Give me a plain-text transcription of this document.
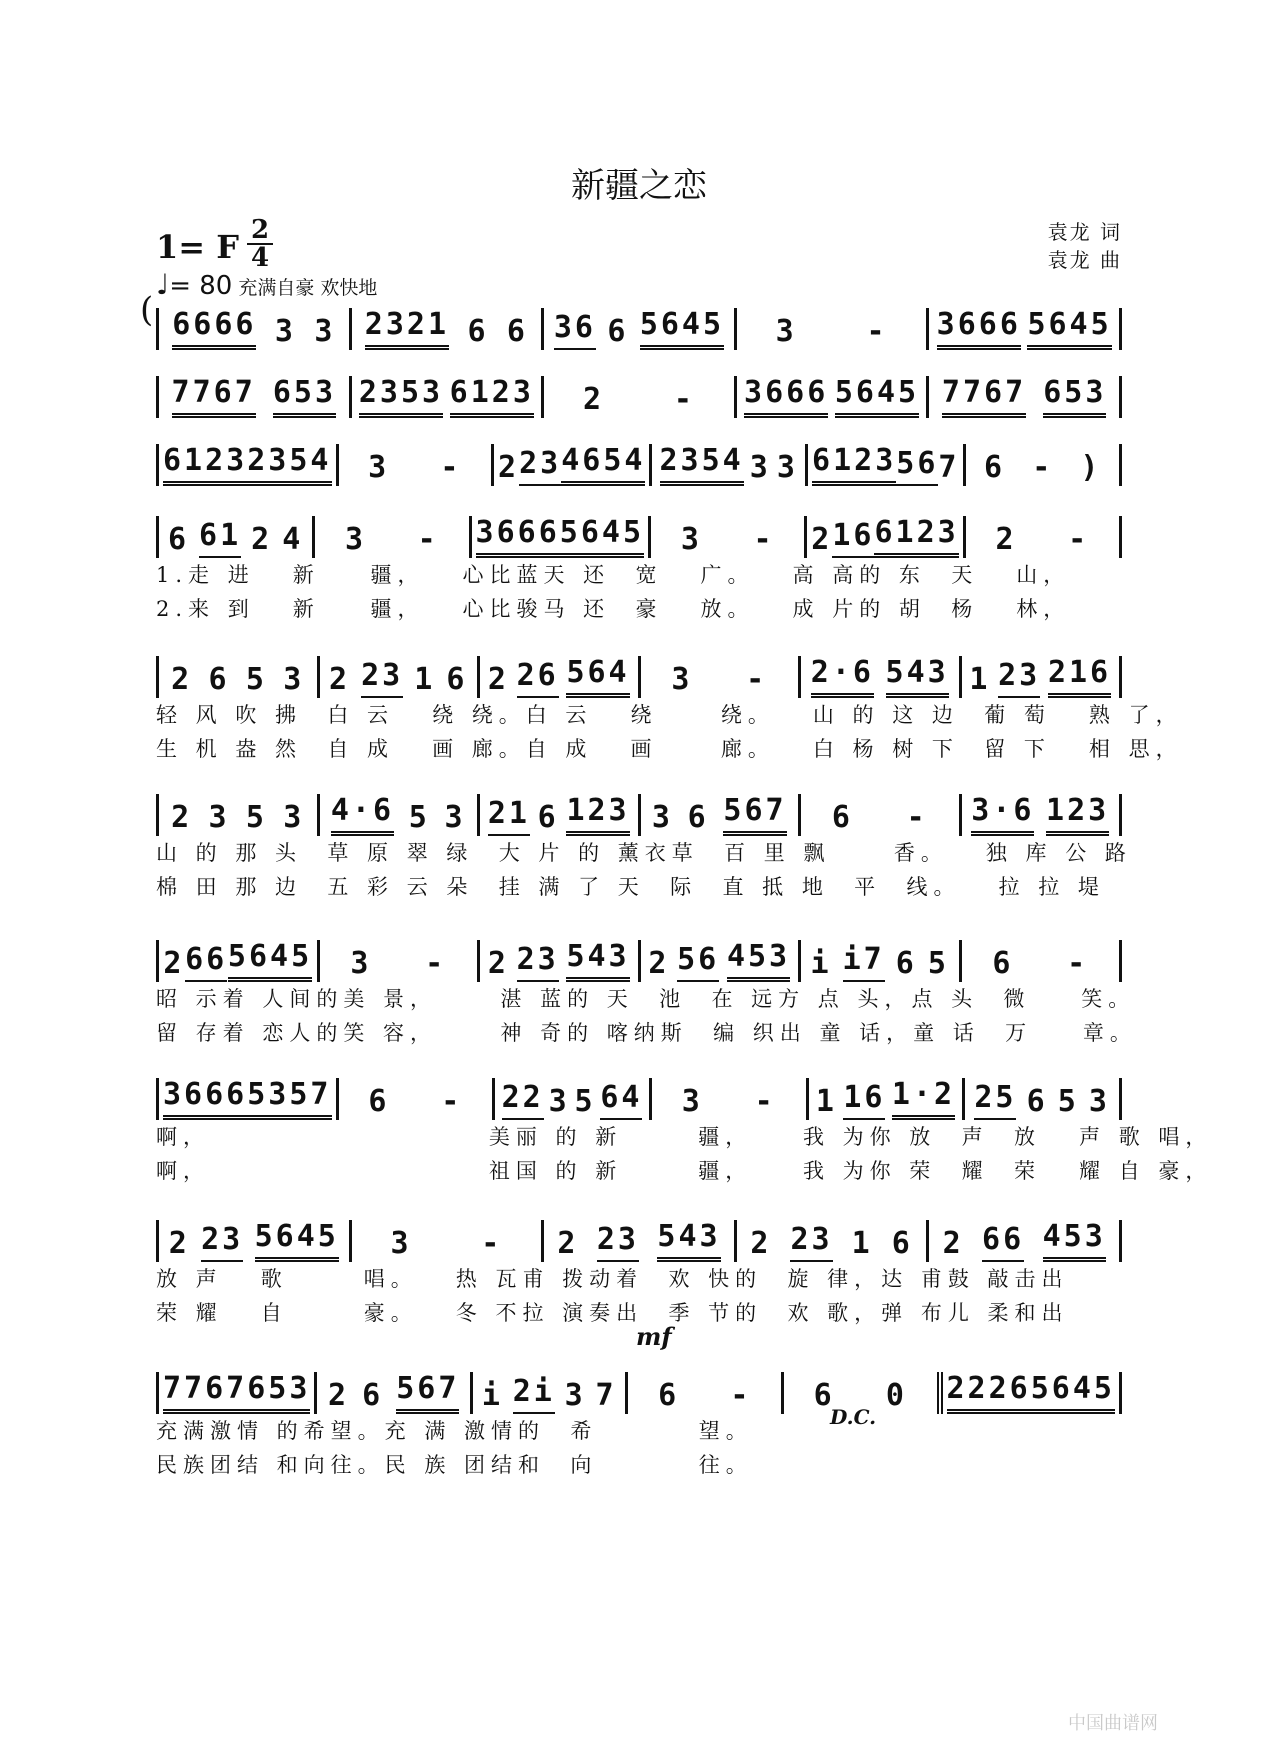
新疆之恋
1= F 2
4
♩= 80 充满自豪 欢快地
袁龙 词
袁龙 曲
( 6666 3 3 2321 6 6 36 6 5645 3 - 3666 5645
7767 653 2353 6123 2 - 3666 5645 7767 653
6123 2354 3 - 2 23 4654 2354 3 3 6123 56 7 6 - )
6 61 2 4 3 - 3666 5645 3 - 2 16 6123 2 -
1.走 进   新    疆，   心比蓝天 还  宽   广。   高 高的 东  天   山，
2.来 到   新    疆，   心比骏马 还  豪   放。   成 片的 胡  杨   林，
2 6 5 3 2 23 1 6 2 26 564 3 - 2·6 543 1 23 216
轻 风 吹 拂  白 云   绕 绕。白 云   绕     绕。   山 的 这 边  葡 萄   熟 了，
生 机 盎 然  自 成   画 廊。自 成   画     廊。   白 杨 树 下  留 下   相 思，
2 3 5 3 4·6 5 3 21 6 123 3 6 567 6 - 3·6 123
山 的 那 头  草 原 翠 绿  大 片 的 薰衣草  百 里 飘     香。   独 库 公 路
棉 田 那 边  五 彩 云 朵  挂 满 了 天  际  直 抵 地  平  线。   拉 拉 堤
2 66 5645 3 - 2 23 543 2 56 453 i i7 6 5 6 -
昭 示着 人间的美 景，     湛 蓝的 天  池  在 远方 点 头，点 头  微    笑。
留 存着 恋人的笑 容，     神 奇的 喀纳斯  编 织出 童 话，童 话  万    章。
3666 5357 6 - 22 3 5 64 3 - 1 16 1·2 25 6 5 3
啊，                      美丽 的 新      疆，    我 为你 放  声  放   声 歌 唱，
啊，                      祖国 的 新      疆，    我 为你 荣  耀  荣   耀 自 豪，
2 23 5645 3 - 2 23 543 2 23 1 6 2 66 453
放 声   歌      唱。   热 瓦甫 拨动着  欢 快的  旋 律，达 甫鼓 敲击出
荣 耀   自      豪。   冬 不拉 演奏出  季 节的  欢 歌，弹 布儿 柔和出
7767 653 2 6 567 i 2i 3 7 6 - 6 0 2226 5645
充满激情 的希望。充 满 激情的  希        望。
民族团结 和向往。民 族 团结和  向        往。
mf
D.C.
中国曲谱网
